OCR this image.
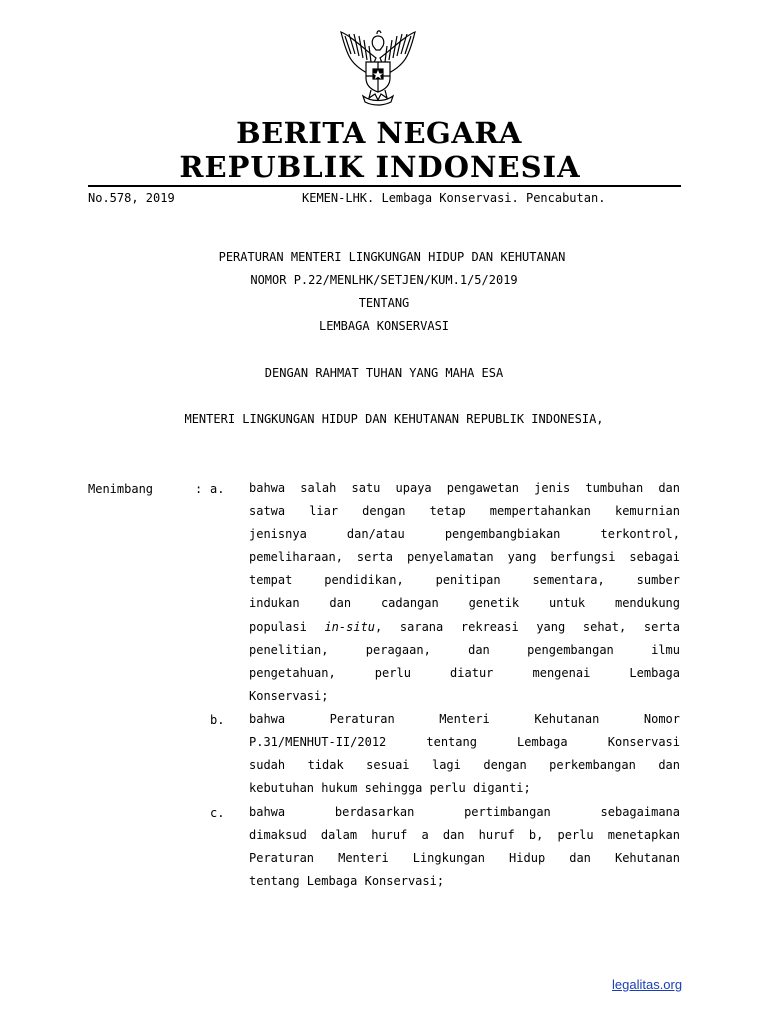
BERITA NEGARA
REPUBLIK INDONESIA
No.578, 2019	KEMEN-LHK. Lembaga Konservasi. Pencabutan.
PERATURAN MENTERI LINGKUNGAN HIDUP DAN KEHUTANAN
NOMOR P.22/MENLHK/SETJEN/KUM.1/5/2019
TENTANG
LEMBAGA KONSERVASI
DENGAN RAHMAT TUHAN YANG MAHA ESA
MENTERI LINGKUNGAN HIDUP DAN KEHUTANAN REPUBLIK INDONESIA,
Menimbang	: a.	bahwa salah satu upaya pengawetan jenis tumbuhan dan
satwa liar dengan tetap mempertahankan kemurnian
jenisnya dan/atau pengembangbiakan terkontrol,
pemeliharaan, serta penyelamatan yang berfungsi sebagai
tempat pendidikan, penitipan sementara, sumber
indukan dan cadangan genetik untuk mendukung
populasi in-situ, sarana rekreasi yang sehat, serta
penelitian, peragaan, dan pengembangan ilmu
pengetahuan, perlu diatur mengenai Lembaga
Konservasi;
b.	bahwa Peraturan Menteri Kehutanan Nomor
P.31/MENHUT-II/2012 tentang Lembaga Konservasi
sudah tidak sesuai lagi dengan perkembangan dan
kebutuhan hukum sehingga perlu diganti;
c.	bahwa berdasarkan pertimbangan sebagaimana
dimaksud dalam huruf a dan huruf b, perlu menetapkan
Peraturan Menteri Lingkungan Hidup dan Kehutanan
tentang Lembaga Konservasi;
legalitas.org
